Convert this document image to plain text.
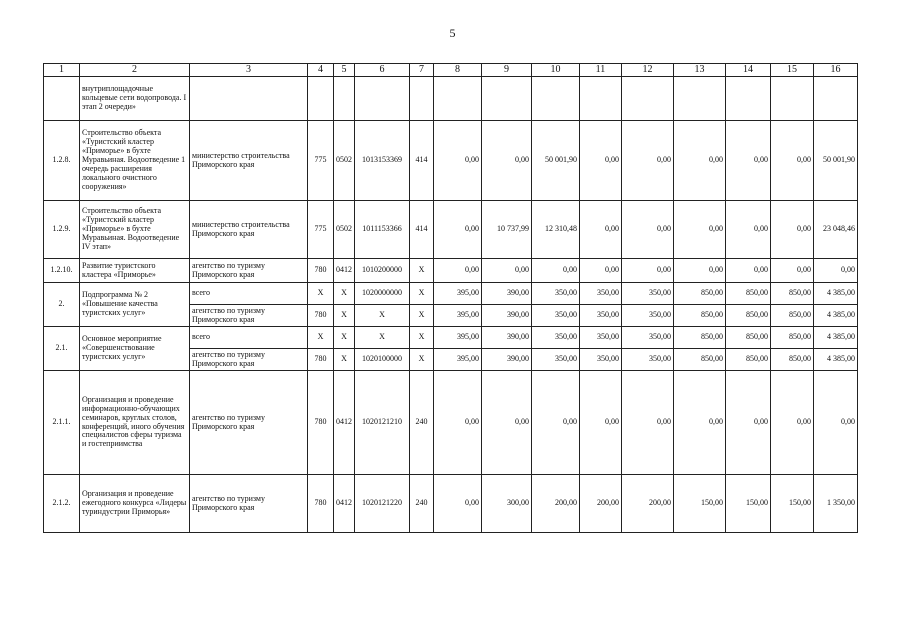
5
1	2	3	4	5	6	7	8	9	10	11	12	13	14	15	16
	внутриплощадочные кольцевые сети водопровода. I этап 2 очереди»														
1.2.8.	Строительство объекта «Туристский кластер «Приморье» в бухте Муравьиная. Водоотведение 1 очередь расширения локального очистного сооружения»	министерство строительства Приморского края	775	0502	1013153369	414	0,00	0,00	50 001,90	0,00	0,00	0,00	0,00	0,00	50 001,90
1.2.9.	Строительство объекта «Туристский кластер «Приморье» в бухте Муравьиная. Водоотведение IV этап»	министерство строительства Приморского края	775	0502	1011153366	414	0,00	10 737,99	12 310,48	0,00	0,00	0,00	0,00	0,00	23 048,46
1.2.10.	Развитие туристского кластера «Приморье»	агентство по туризму Приморского края	780	0412	1010200000	Х	0,00	0,00	0,00	0,00	0,00	0,00	0,00	0,00	0,00
2.	Подпрограмма № 2 «Повышение качества туристских услуг»	всего	Х	Х	1020000000	Х	395,00	390,00	350,00	350,00	350,00	850,00	850,00	850,00	4 385,00
		агентство по туризму Приморского края	780	Х	Х	Х	395,00	390,00	350,00	350,00	350,00	850,00	850,00	850,00	4 385,00
2.1.	Основное мероприятие «Совершенствование туристских услуг»	всего	Х	Х	Х	Х	395,00	390,00	350,00	350,00	350,00	850,00	850,00	850,00	4 385,00
		агентство по туризму Приморского края	780	Х	1020100000	Х	395,00	390,00	350,00	350,00	350,00	850,00	850,00	850,00	4 385,00
2.1.1.	Организация и проведение информационно-обучающих семинаров, круглых столов, конференций, иного обучения специалистов сферы туризма и гостеприимства	агентство по туризму Приморского края	780	0412	1020121210	240	0,00	0,00	0,00	0,00	0,00	0,00	0,00	0,00	0,00
2.1.2.	Организация и проведение ежегодного конкурса «Лидеры туриндустрии Приморья»	агентство по туризму Приморского края	780	0412	1020121220	240	0,00	300,00	200,00	200,00	200,00	150,00	150,00	150,00	1 350,00
